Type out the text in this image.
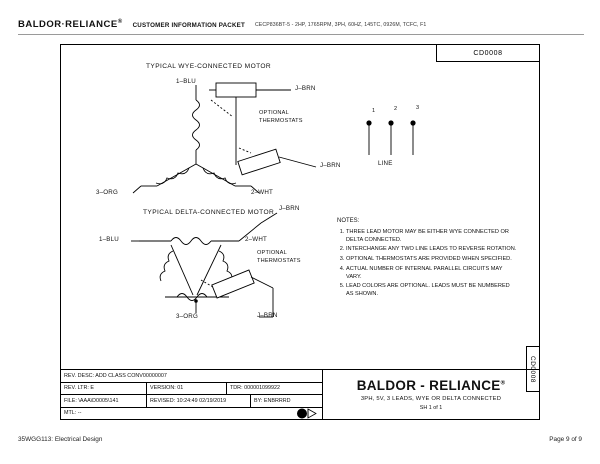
BALDOR·RELIANCE® CUSTOMER INFORMATION PACKET CECP836BT-5 - 2HP, 1765RPM, 3PH, 60HZ, 145TC, 0926M, TCFC, F1
CD0008
CD0008
TYPICAL WYE-CONNECTED MOTOR
1–BLU
J–BRN
J–BRN
3–ORG	2–WHT
OPTIONAL
THERMOSTATS
TYPICAL DELTA-CONNECTED MOTOR
J–BRN
1–BLU	2–WHT
J–BRN
3–ORG
OPTIONAL
THERMOSTATS
1	2	3
LINE
NOTES:
1. THREE LEAD MOTOR MAY BE EITHER WYE CONNECTED OR DELTA CONNECTED.
2. INTERCHANGE ANY TWO LINE LEADS TO REVERSE ROTATION.
3. OPTIONAL THERMOSTATS ARE PROVIDED WHEN SPECIFIED.
4. ACTUAL NUMBER OF INTERNAL PARALLEL CIRCUITS MAY VARY.
5. LEAD COLORS ARE OPTIONAL. LEADS MUST BE NUMBERED AS SHOWN.
REV. DESC: ADD CLASS CONV00000007
REV. LTR: E	VERSION: 01	TDR: 000001099922
FILE: \AAA\D0005\141	REVISED: 10:24:49 02/19/2019	BY: ENBRRRD
MTL: --
BALDOR - RELIANCE®
3PH, 5V, 3 LEADS, WYE OR DELTA CONNECTED
SH 1 of 1
35WGG113: Electrical Design	Page 9 of 9
